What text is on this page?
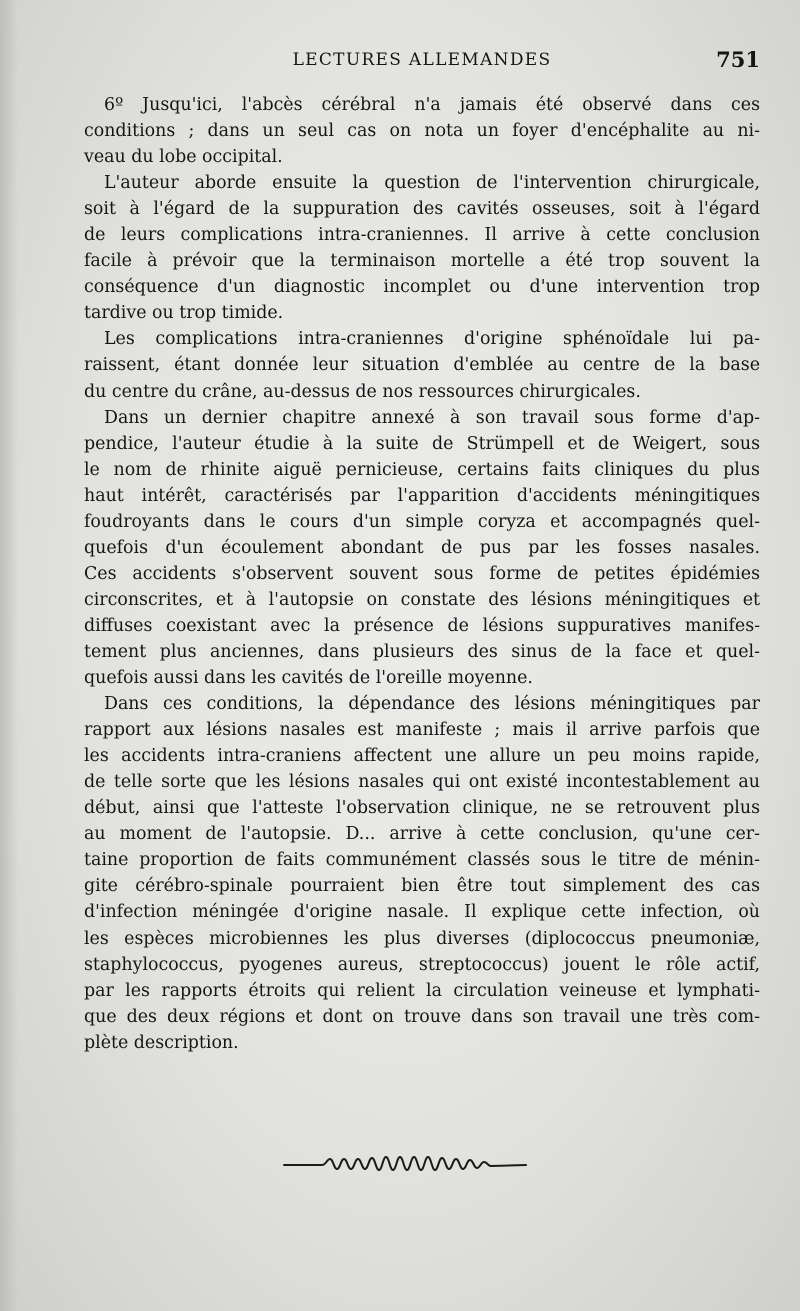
LECTURES ALLEMANDES	751
6º Jusqu'ici, l'abcès cérébral n'a jamais été observé dans ces
conditions ; dans un seul cas on nota un foyer d'encéphalite au ni-
veau du lobe occipital.
L'auteur aborde ensuite la question de l'intervention chirurgicale,
soit à l'égard de la suppuration des cavités osseuses, soit à l'égard
de leurs complications intra-craniennes. Il arrive à cette conclusion
facile à prévoir que la terminaison mortelle a été trop souvent la
conséquence d'un diagnostic incomplet ou d'une intervention trop
tardive ou trop timide.
Les complications intra-craniennes d'origine sphénoïdale lui pa-
raissent, étant donnée leur situation d'emblée au centre de la base
du centre du crâne, au-dessus de nos ressources chirurgicales.
Dans un dernier chapitre annexé à son travail sous forme d'ap-
pendice, l'auteur étudie à la suite de Strümpell et de Weigert, sous
le nom de rhinite aiguë pernicieuse, certains faits cliniques du plus
haut intérêt, caractérisés par l'apparition d'accidents méningitiques
foudroyants dans le cours d'un simple coryza et accompagnés quel-
quefois d'un écoulement abondant de pus par les fosses nasales.
Ces accidents s'observent souvent sous forme de petites épidémies
circonscrites, et à l'autopsie on constate des lésions méningitiques et
diffuses coexistant avec la présence de lésions suppuratives manifes-
tement plus anciennes, dans plusieurs des sinus de la face et quel-
quefois aussi dans les cavités de l'oreille moyenne.
Dans ces conditions, la dépendance des lésions méningitiques par
rapport aux lésions nasales est manifeste ; mais il arrive parfois que
les accidents intra-craniens affectent une allure un peu moins rapide,
de telle sorte que les lésions nasales qui ont existé incontestablement au
début, ainsi que l'atteste l'observation clinique, ne se retrouvent plus
au moment de l'autopsie. D... arrive à cette conclusion, qu'une cer-
taine proportion de faits communément classés sous le titre de ménin-
gite cérébro-spinale pourraient bien être tout simplement des cas
d'infection méningée d'origine nasale. Il explique cette infection, où
les espèces microbiennes les plus diverses (diplococcus pneumoniæ,
staphylococcus, pyogenes aureus, streptococcus) jouent le rôle actif,
par les rapports étroits qui relient la circulation veineuse et lymphati-
que des deux régions et dont on trouve dans son travail une très com-
plète description.
